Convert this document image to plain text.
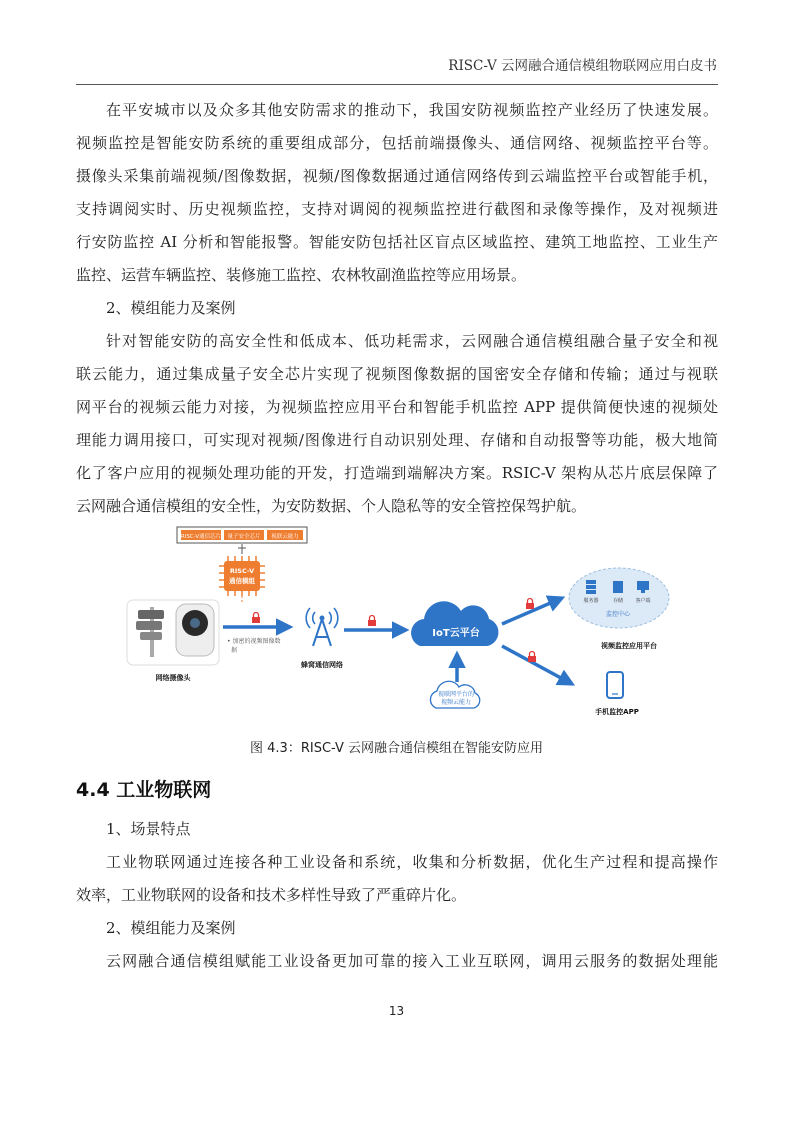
RISC-V 云网融合通信模组物联网应用白皮书
在平安城市以及众多其他安防需求的推动下，我国安防视频监控产业经历了快速发展。
视频监控是智能安防系统的重要组成部分，包括前端摄像头、通信网络、视频监控平台等。
摄像头采集前端视频/图像数据，视频/图像数据通过通信网络传到云端监控平台或智能手机，
支持调阅实时、历史视频监控，支持对调阅的视频监控进行截图和录像等操作，及对视频进
行安防监控 AI 分析和智能报警。智能安防包括社区盲点区域监控、建筑工地监控、工业生产
监控、运营车辆监控、装修施工监控、农林牧副渔监控等应用场景。
2、模组能力及案例
针对智能安防的高安全性和低成本、低功耗需求，云网融合通信模组融合量子安全和视
联云能力，通过集成量子安全芯片实现了视频图像数据的国密安全存储和传输；通过与视联
网平台的视频云能力对接，为视频监控应用平台和智能手机监控 APP 提供简便快速的视频处
理能力调用接口，可实现对视频/图像进行自动识别处理、存储和自动报警等功能，极大地简
化了客户应用的视频处理功能的开发，打造端到端解决方案。RSIC-V 架构从芯片底层保障了
云网融合通信模组的安全性，为安防数据、个人隐私等的安全管控保驾护航。
RISC-V通信芯片 量子安全芯片 视联云能力
RISC-V
通信模组
网络摄像头
• 加密的视频图像数
据
蜂窝通信网络
IoT云平台
视联网平台的
视频云能力
服务器	存储 客户端
监控中心
视频监控应用平台
手机监控APP
图 4.3：RISC-V 云网融合通信模组在智能安防应用
4.4 工业物联网
1、场景特点
工业物联网通过连接各种工业设备和系统，收集和分析数据，优化生产过程和提高操作
效率，工业物联网的设备和技术多样性导致了严重碎片化。
2、模组能力及案例
云网融合通信模组赋能工业设备更加可靠的接入工业互联网，调用云服务的数据处理能
13
